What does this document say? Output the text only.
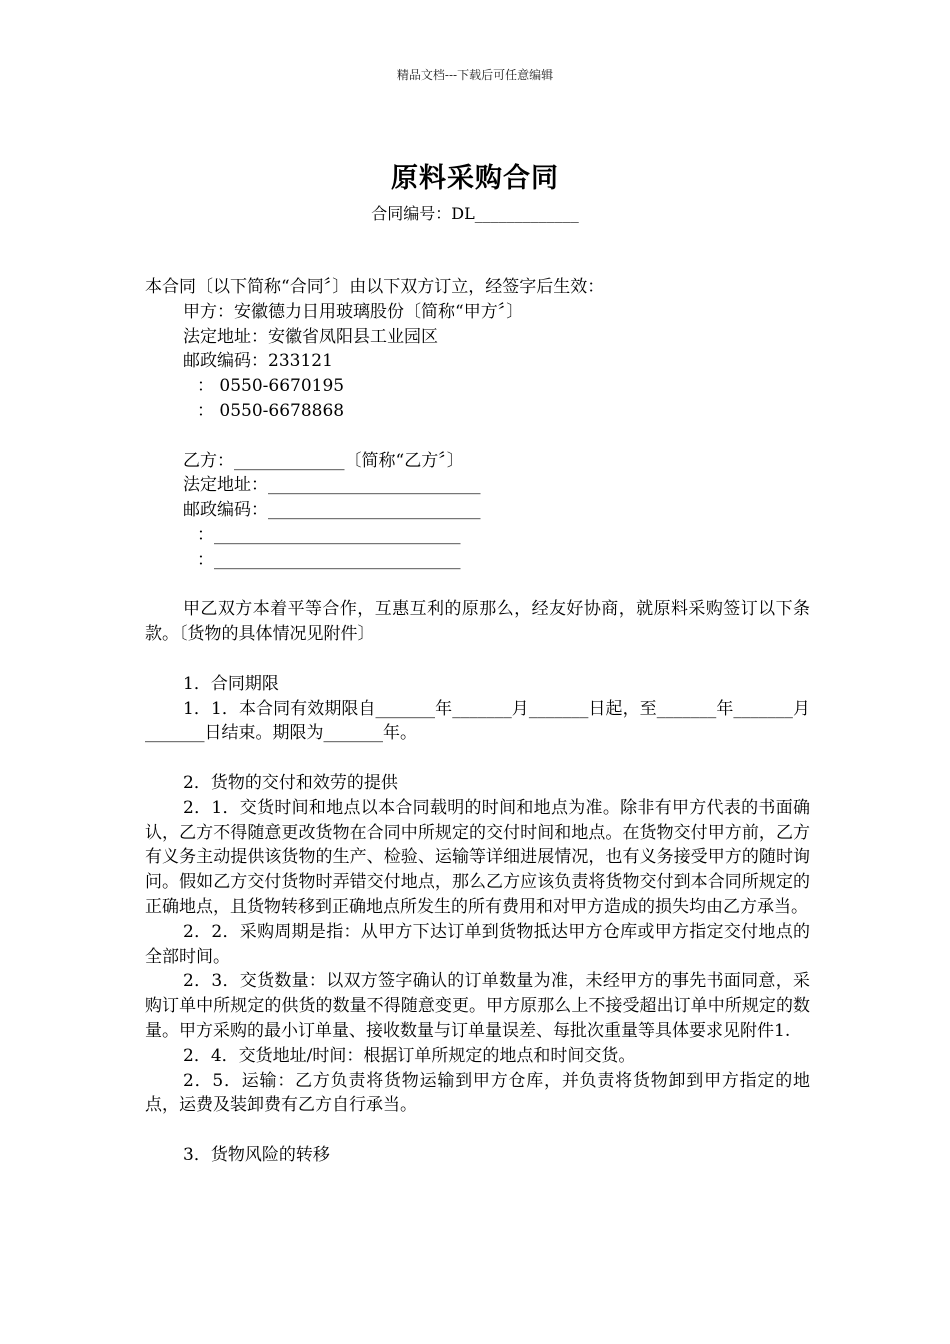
精品文档---下载后可任意编辑
原料采购合同
合同编号：DL_____________

本合同〔以下简称“合同〞〕由以下双方订立，经签字后生效：

甲方：安徽德力日用玻璃股份〔简称“甲方〞〕

法定地址：安徽省凤阳县工业园区

邮政编码：233121

： 0550-6670195

： 0550-6678868

乙方：_____________〔简称“乙方〞〕

法定地址：_________________________

邮政编码：_________________________

：_____________________________

：_____________________________

甲乙双方本着平等合作，互惠互利的原那么，经友好协商，就原料采购签订以下条款。〔货物的具体情况见附件〕

1．合同期限

1．1．本合同有效期限自_______年_______月_______日起，至_______年_______月_______日结束。期限为_______年。

2．货物的交付和效劳的提供

2．1．交货时间和地点以本合同载明的时间和地点为准。除非有甲方代表的书面确认，乙方不得随意更改货物在合同中所规定的交付时间和地点。在货物交付甲方前，乙方有义务主动提供该货物的生产、检验、运输等详细进展情况，也有义务接受甲方的随时询问。假如乙方交付货物时弄错交付地点，那么乙方应该负责将货物交付到本合同所规定的正确地点，且货物转移到正确地点所发生的所有费用和对甲方造成的损失均由乙方承当。

2．2．采购周期是指：从甲方下达订单到货物抵达甲方仓库或甲方指定交付地点的全部时间。

2．3．交货数量：以双方签字确认的订单数量为准，未经甲方的事先书面同意，采购订单中所规定的供货的数量不得随意变更。甲方原那么上不接受超出订单中所规定的数量。甲方采购的最小订单量、接收数量与订单量误差、每批次重量等具体要求见附件1.

2．4．交货地址/时间：根据订单所规定的地点和时间交货。

2．5．运输：乙方负责将货物运输到甲方仓库，并负责将货物卸到甲方指定的地点，运费及装卸费有乙方自行承当。

3．货物风险的转移
